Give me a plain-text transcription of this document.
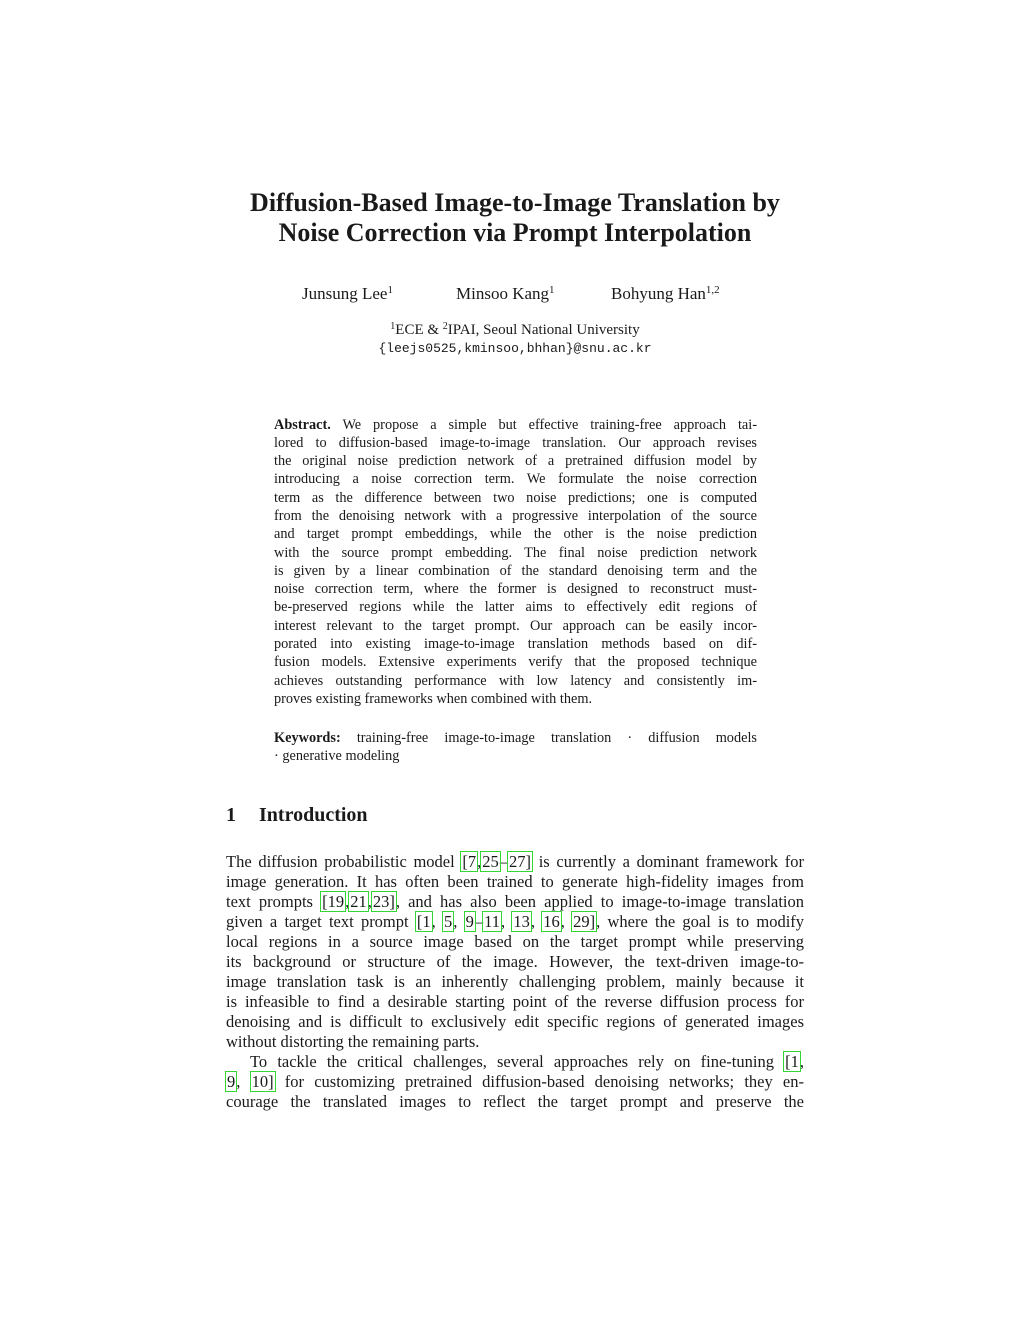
Diffusion-Based Image-to-Image Translation by
Noise Correction via Prompt Interpolation
Junsung Lee$^1$	Minsoo Kang$^1$	Bohyung Han$^{1,2}$
$^1$ECE & $^2$IPAI, Seoul National University
{leejs0525,kminsoo,bhhan}@snu.ac.kr
Abstract. We propose a simple but effective training-free approach tai-
lored to diffusion-based image-to-image translation. Our approach revises
the original noise prediction network of a pretrained diffusion model by
introducing a noise correction term. We formulate the noise correction
term as the difference between two noise predictions; one is computed
from the denoising network with a progressive interpolation of the source
and target prompt embeddings, while the other is the noise prediction
with the source prompt embedding. The final noise prediction network
is given by a linear combination of the standard denoising term and the
noise correction term, where the former is designed to reconstruct must-
be-preserved regions while the latter aims to effectively edit regions of
interest relevant to the target prompt. Our approach can be easily incor-
porated into existing image-to-image translation methods based on dif-
fusion models. Extensive experiments verify that the proposed technique
achieves outstanding performance with low latency and consistently im-
proves existing frameworks when combined with them.
Keywords: training-free image-to-image translation · diffusion models
· generative modeling
1 Introduction
The diffusion probabilistic model [7,25–27] is currently a dominant framework for
image generation. It has often been trained to generate high-fidelity images from
text prompts [19,21,23], and has also been applied to image-to-image translation
given a target text prompt [1, 5, 9–11, 13, 16, 29], where the goal is to modify
local regions in a source image based on the target prompt while preserving
its background or structure of the image. However, the text-driven image-to-
image translation task is an inherently challenging problem, mainly because it
is infeasible to find a desirable starting point of the reverse diffusion process for
denoising and is difficult to exclusively edit specific regions of generated images
without distorting the remaining parts.
To tackle the critical challenges, several approaches rely on fine-tuning [1,
9, 10] for customizing pretrained diffusion-based denoising networks; they en-
courage the translated images to reflect the target prompt and preserve the
